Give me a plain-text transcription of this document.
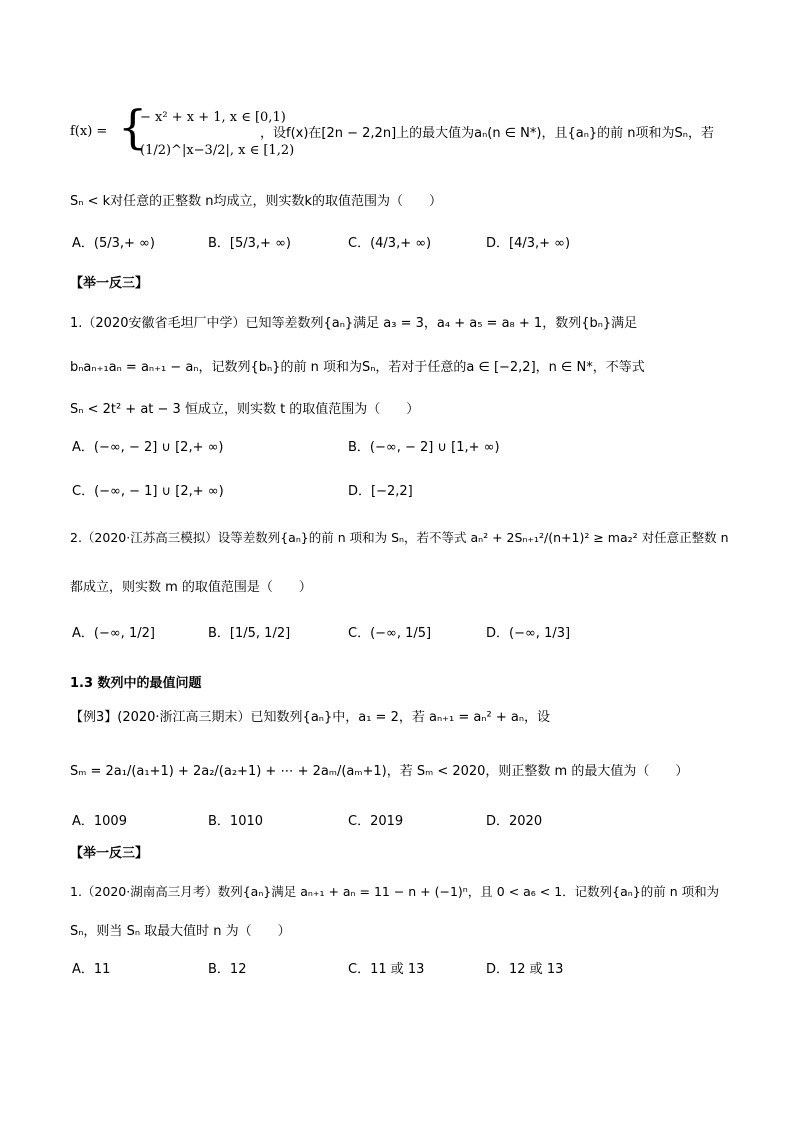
f(x) = {
− x² + x + 1, x ∈ [0,1)
(1/2)^|x−3/2|, x ∈ [1,2)
，设f(x)在[2n − 2,2n]上的最大值为aₙ(n ∈ N*)，且{aₙ}的前 n项和为Sₙ，若
Sₙ < k对任意的正整数 n均成立，则实数k的取值范围为（　　）
A．(5/3,+ ∞)	B．[5/3,+ ∞)	C．(4/3,+ ∞)	D．[4/3,+ ∞)
【举一反三】
1.（2020安徽省毛坦厂中学）已知等差数列{aₙ}满足 a₃ = 3，a₄ + a₅ = a₈ + 1，数列{bₙ}满足
bₙaₙ₊₁aₙ = aₙ₊₁ − aₙ，记数列{bₙ}的前 n 项和为Sₙ，若对于任意的a ∈ [−2,2]，n ∈ N*，不等式
Sₙ < 2t² + at − 3 恒成立，则实数 t 的取值范围为（　　）
A．(−∞, − 2] ∪ [2,+ ∞)	B．(−∞, − 2] ∪ [1,+ ∞)
C．(−∞, − 1] ∪ [2,+ ∞)	D．[−2,2]
2.（2020·江苏高三模拟）设等差数列{aₙ}的前 n 项和为 Sₙ，若不等式 aₙ² + 2Sₙ₊₁²/(n+1)² ≥ ma₂² 对任意正整数 n
都成立，则实数 m 的取值范围是（　　）
A．(−∞, 1/2]	B．[1/5, 1/2]	C．(−∞, 1/5]	D．(−∞, 1/3]
1.3 数列中的最值问题
【例3】(2020·浙江高三期末）已知数列{aₙ}中，a₁ = 2，若 aₙ₊₁ = aₙ² + aₙ，设
Sₘ = 2a₁/(a₁+1) + 2a₂/(a₂+1) + ⋯ + 2aₘ/(aₘ+1)，若 Sₘ < 2020，则正整数 m 的最大值为（　　）
A．1009	B．1010	C．2019	D．2020
【举一反三】
1.（2020·湖南高三月考）数列{aₙ}满足 aₙ₊₁ + aₙ = 11 − n + (−1)ⁿ，且 0 < a₆ < 1．记数列{aₙ}的前 n 项和为
Sₙ，则当 Sₙ 取最大值时 n 为（　　）
A．11	B．12	C．11 或 13	D．12 或 13
